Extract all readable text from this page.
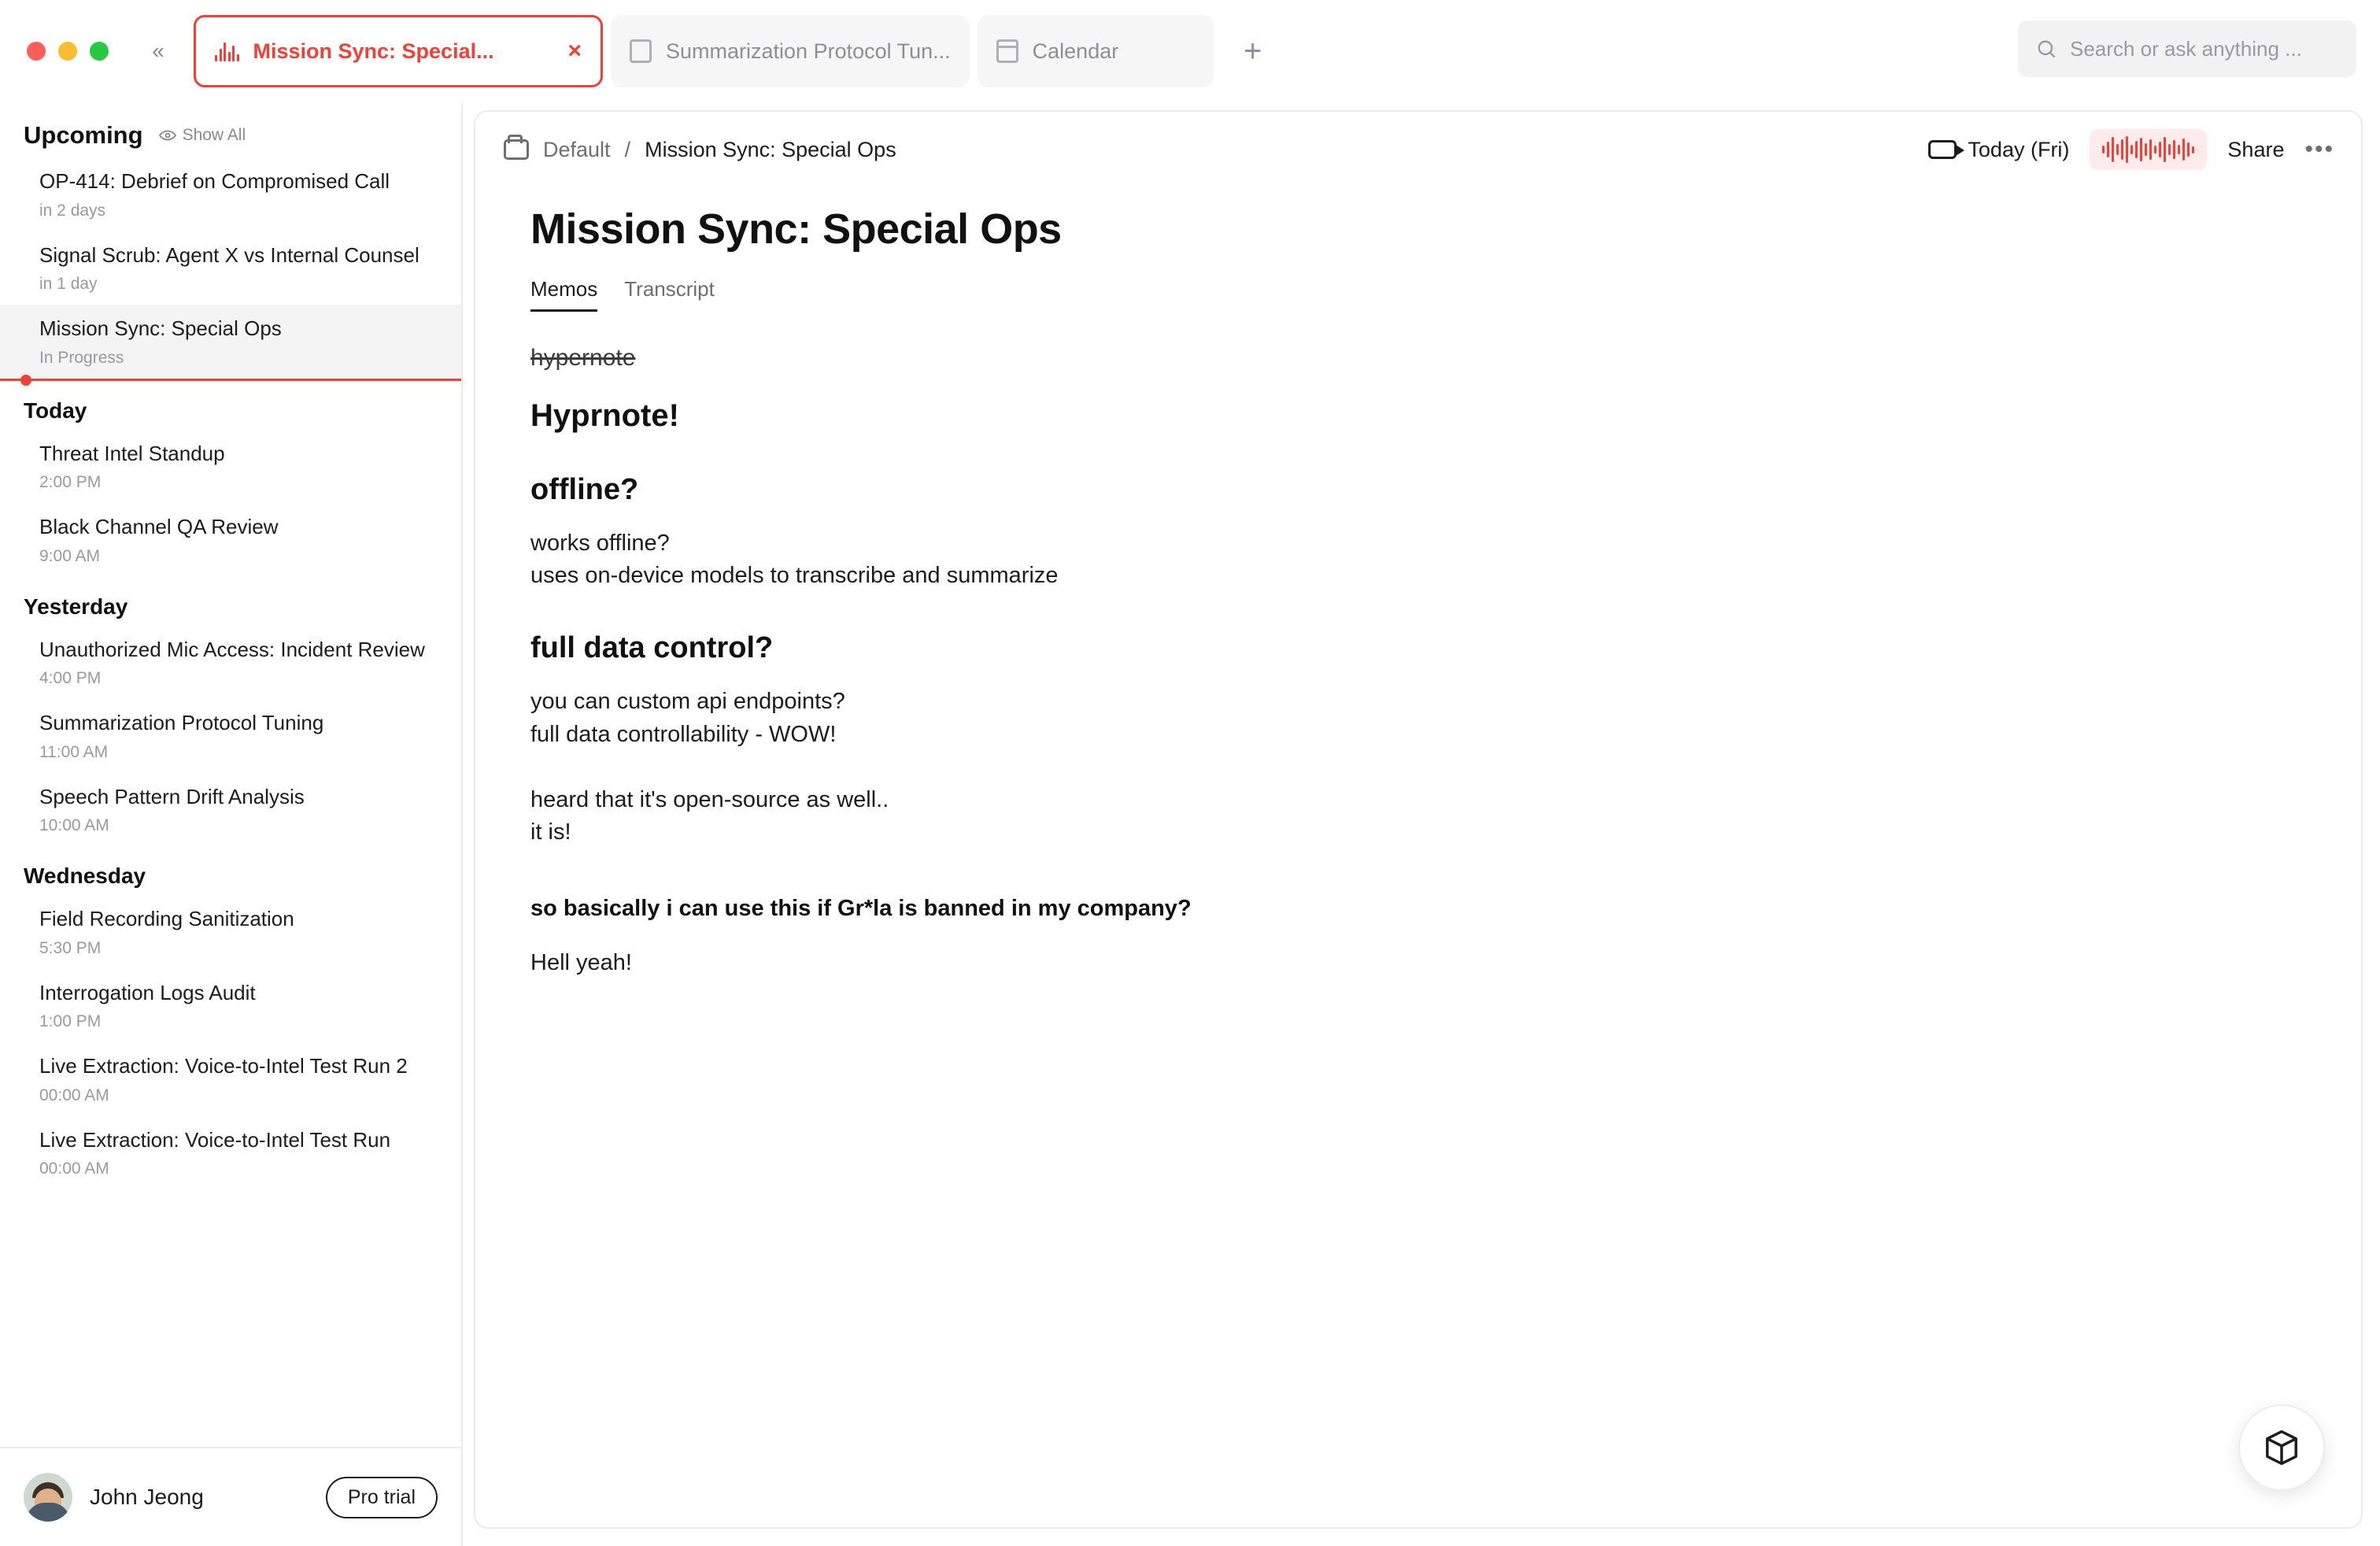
«	Mission Sync: Special...	×	Summarization Protocol Tun...	Calendar	+	Search or ask anything ...
Upcoming Show All
OP-414: Debrief on Compromised Call
in 2 days
Signal Scrub: Agent X vs Internal Counsel
in 1 day
Mission Sync: Special Ops
In Progress
Today
Threat Intel Standup
2:00 PM
Black Channel QA Review
9:00 AM
Yesterday
Unauthorized Mic Access: Incident Review
4:00 PM
Summarization Protocol Tuning
11:00 AM
Speech Pattern Drift Analysis
10:00 AM
Wednesday
Field Recording Sanitization
5:30 PM
Interrogation Logs Audit
1:00 PM
Live Extraction: Voice-to-Intel Test Run 2
00:00 AM
Live Extraction: Voice-to-Intel Test Run
00:00 AM
John Jeong	Pro trial
Default / Mission Sync: Special Ops	Today (Fri)	Share •••
Mission Sync: Special Ops
Memos Transcript
hypernote
Hyprnote!
offline?
works offline?
uses on-device models to transcribe and summarize
full data control?
you can custom api endpoints?
full data controllability - WOW!
heard that it's open-source as well..
it is!
so basically i can use this if Gr*la is banned in my company?
Hell yeah!
